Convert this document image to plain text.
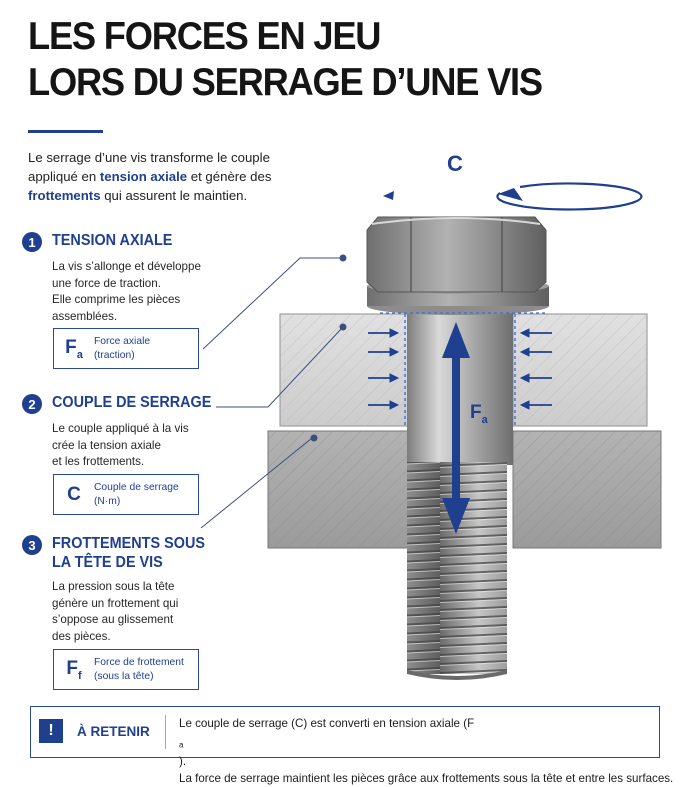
LES FORCES EN JEU
LORS DU SERRAGE D’UNE VIS

Le serrage d’une vis transforme le couple appliqué en tension axiale et génère des frottements qui assurent le maintien.

C
$F_a$
1	TENSION AXIALE
La vis s’allonge et développe
une force de traction.
Elle comprime les pièces
assemblées.
$F_a$
Force axiale
(traction)
2	COUPLE DE SERRAGE
Le couple appliqué à la vis
crée la tension axiale
et les frottements.
C	Couple de serrage
(N·m)
3	FROTTEMENTS SOUS
LA TÊTE DE VIS
La pression sous la tête
génère un frottement qui
s’oppose au glissement
des pièces.
$F_f$
Force de frottement
(sous la tête)
!	À RETENIR
Le couple de serrage (C) est converti en tension axiale (F
$_a$
).
La force de serrage maintient les pièces grâce aux frottements sous la tête et entre les surfaces.
